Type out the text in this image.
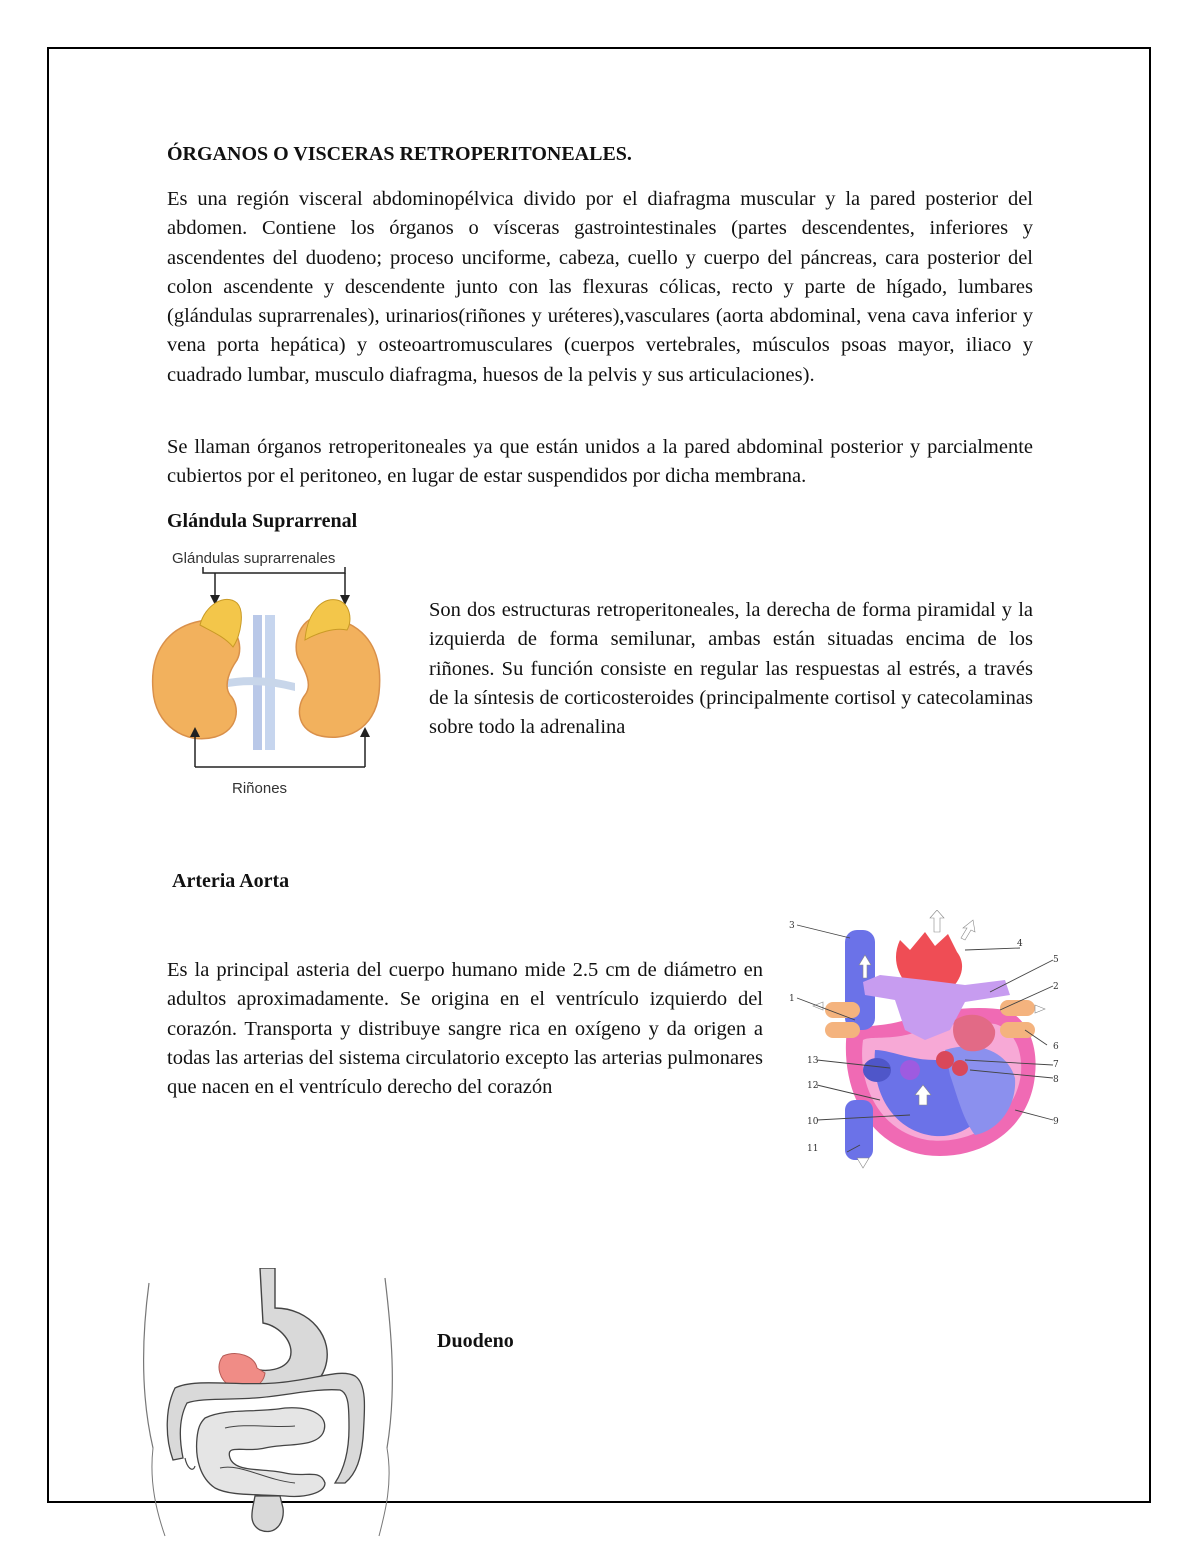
ÓRGANOS O VISCERAS RETROPERITONEALES.

Es una región visceral abdominopélvica divido por el diafragma muscular y la pared posterior del abdomen. Contiene los órganos o vísceras gastrointestinales (partes descendentes, inferiores y ascendentes del duodeno; proceso unciforme, cabeza, cuello y cuerpo del páncreas, cara posterior del colon ascendente y descendente junto con las flexuras cólicas, recto y parte de hígado, lumbares (glándulas suprarrenales), urinarios(riñones y uréteres),vasculares (aorta abdominal, vena cava inferior y vena porta hepática) y osteoartromusculares (cuerpos vertebrales, músculos psoas mayor, iliaco y cuadrado lumbar, musculo diafragma, huesos de la pelvis y sus articulaciones).

Se llaman órganos retroperitoneales ya que están unidos a la pared abdominal posterior y parcialmente cubiertos por el peritoneo, en lugar de estar suspendidos por dicha membrana.

Glándula Suprarrenal
Glándulas suprarrenales
Riñones

Son dos estructuras retroperitoneales, la derecha de forma piramidal y la izquierda de forma semilunar, ambas están situadas encima de los riñones. Su función consiste en regular las respuestas al estrés, a través de la síntesis de corticosteroides (principalmente cortisol y catecolaminas sobre todo la adrenalina

Arteria Aorta

Es la principal asteria del cuerpo humano mide 2.5 cm de diámetro en adultos aproximadamente. Se origina en el ventrículo izquierdo del corazón. Transporta y distribuye sangre rica en oxígeno y da origen a todas las arterias del sistema circulatorio excepto las arterias pulmonares que nacen en el ventrículo derecho del corazón

3
1
13
12
10
11
4
5
2
6
7
8
9
Duodeno
